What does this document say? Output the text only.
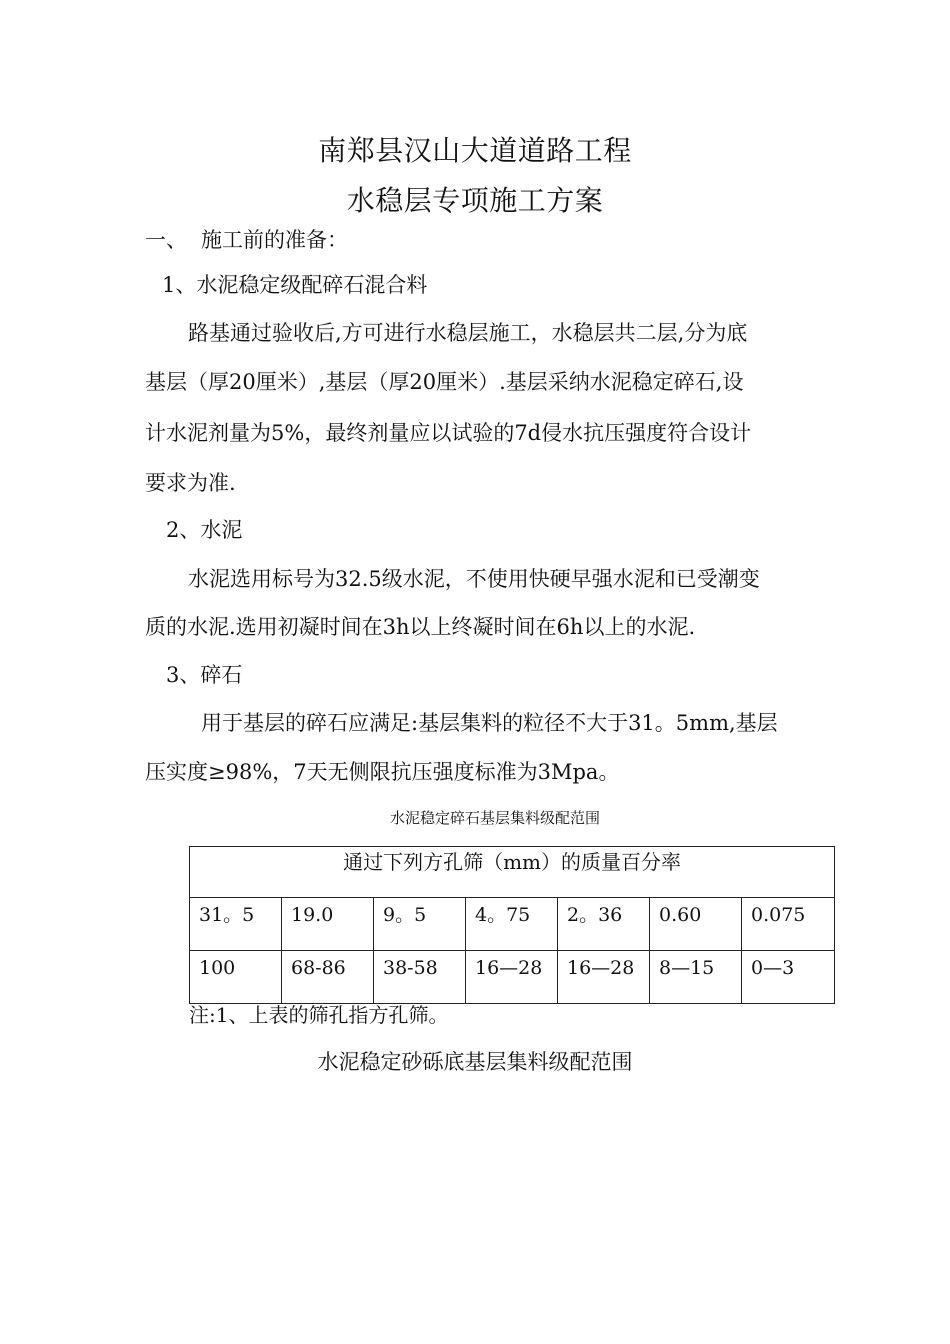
南郑县汉山大道道路工程
水稳层专项施工方案
一、 施工前的准备：
1、水泥稳定级配碎石混合料
路基通过验收后,方可进行水稳层施工，水稳层共二层,分为底
基层（厚20厘米）,基层（厚20厘米）.基层采纳水泥稳定碎石,设
计水泥剂量为5%，最终剂量应以试验的7d侵水抗压强度符合设计
要求为准.
2、水泥
水泥选用标号为32.5级水泥，不使用快硬早强水泥和已受潮变
质的水泥.选用初凝时间在3h以上终凝时间在6h以上的水泥.
3、碎石
用于基层的碎石应满足:基层集料的粒径不大于31。5mm,基层
压实度≥98%，7天无侧限抗压强度标准为3Mpa。
水泥稳定碎石基层集料级配范围
通过下列方孔筛（mm）的质量百分率						
31。5	19.0	9。5	4。75	2。36	0.60	0.075
100	68-86	38-58	16—28	16—28	8—15	0—3
注:1、上表的筛孔指方孔筛。
水泥稳定砂砾底基层集料级配范围
